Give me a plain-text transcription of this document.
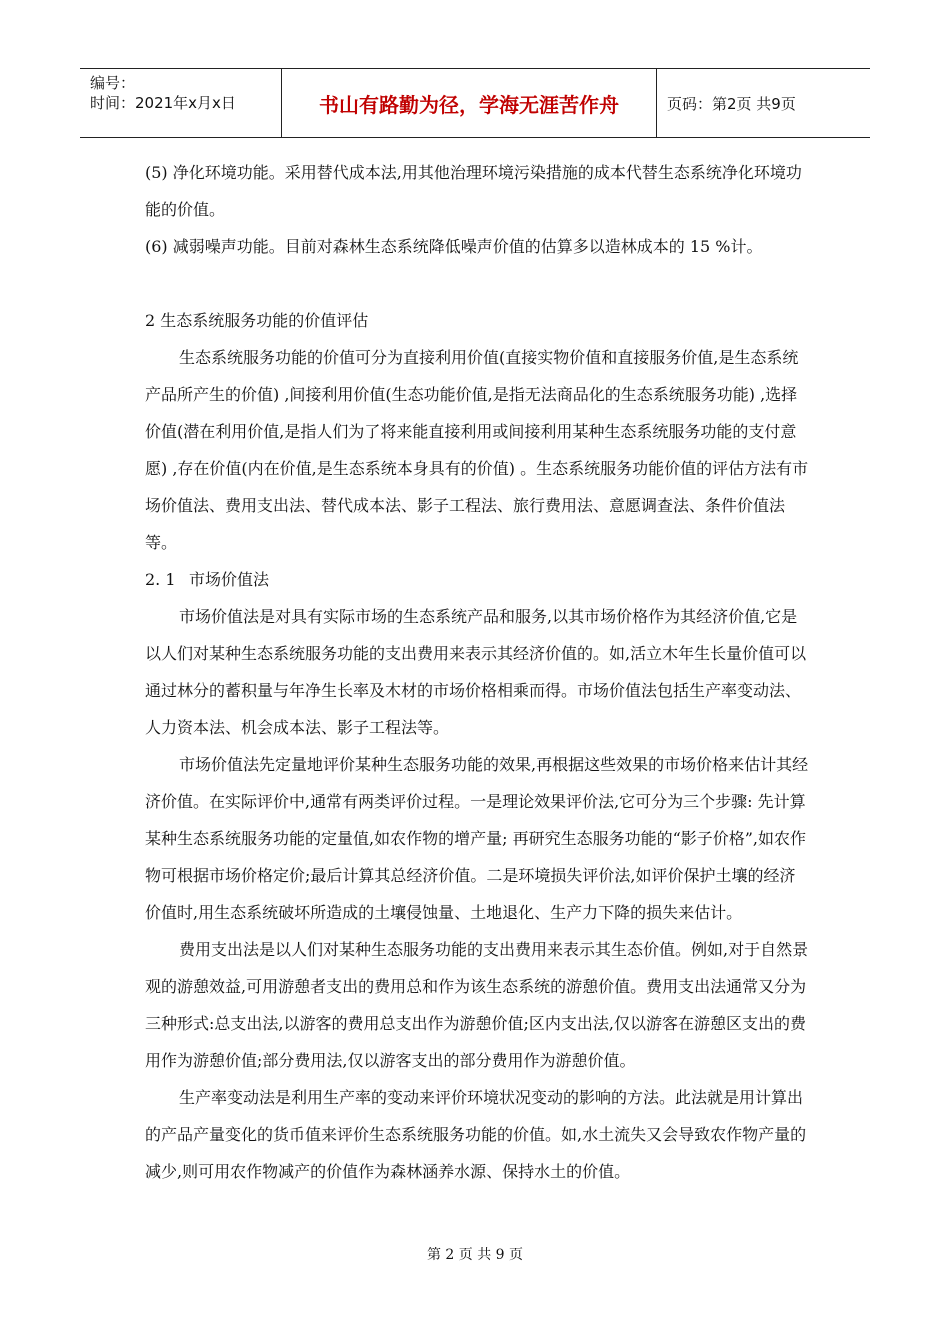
编号：
时间：2021年x月x日	书山有路勤为径，学海无涯苦作舟	页码：第2页 共9页

(5) 净化环境功能。采用替代成本法,用其他治理环境污染措施的成本代替生态系统净化环境功能的价值。

(6) 减弱噪声功能。目前对森林生态系统降低噪声价值的估算多以造林成本的 15 %计。

2 生态系统服务功能的价值评估

生态系统服务功能的价值可分为直接利用价值(直接实物价值和直接服务价值,是生态系统产品所产生的价值) ,间接利用价值(生态功能价值,是指无法商品化的生态系统服务功能) ,选择价值(潜在利用价值,是指人们为了将来能直接利用或间接利用某种生态系统服务功能的支付意愿) ,存在价值(内在价值,是生态系统本身具有的价值) 。生态系统服务功能价值的评估方法有市场价值法、费用支出法、替代成本法、影子工程法、旅行费用法、意愿调查法、条件价值法等。

2. 1 市场价值法

市场价值法是对具有实际市场的生态系统产品和服务,以其市场价格作为其经济价值,它是以人们对某种生态系统服务功能的支出费用来表示其经济价值的。如,活立木年生长量价值可以通过林分的蓄积量与年净生长率及木材的市场价格相乘而得。市场价值法包括生产率变动法、人力资本法、机会成本法、影子工程法等。

市场价值法先定量地评价某种生态服务功能的效果,再根据这些效果的市场价格来估计其经济价值。在实际评价中,通常有两类评价过程。一是理论效果评价法,它可分为三个步骤: 先计算某种生态系统服务功能的定量值,如农作物的增产量; 再研究生态服务功能的“影子价格”,如农作物可根据市场价格定价;最后计算其总经济价值。二是环境损失评价法,如评价保护土壤的经济价值时,用生态系统破坏所造成的土壤侵蚀量、土地退化、生产力下降的损失来估计。

费用支出法是以人们对某种生态服务功能的支出费用来表示其生态价值。例如,对于自然景观的游憩效益,可用游憩者支出的费用总和作为该生态系统的游憩价值。费用支出法通常又分为三种形式:总支出法,以游客的费用总支出作为游憩价值;区内支出法,仅以游客在游憩区支出的费用作为游憩价值;部分费用法,仅以游客支出的部分费用作为游憩价值。

生产率变动法是利用生产率的变动来评价环境状况变动的影响的方法。此法就是用计算出的产品产量变化的货币值来评价生态系统服务功能的价值。如,水土流失又会导致农作物产量的减少,则可用农作物减产的价值作为森林涵养水源、保持水土的价值。

第 2 页 共 9 页
